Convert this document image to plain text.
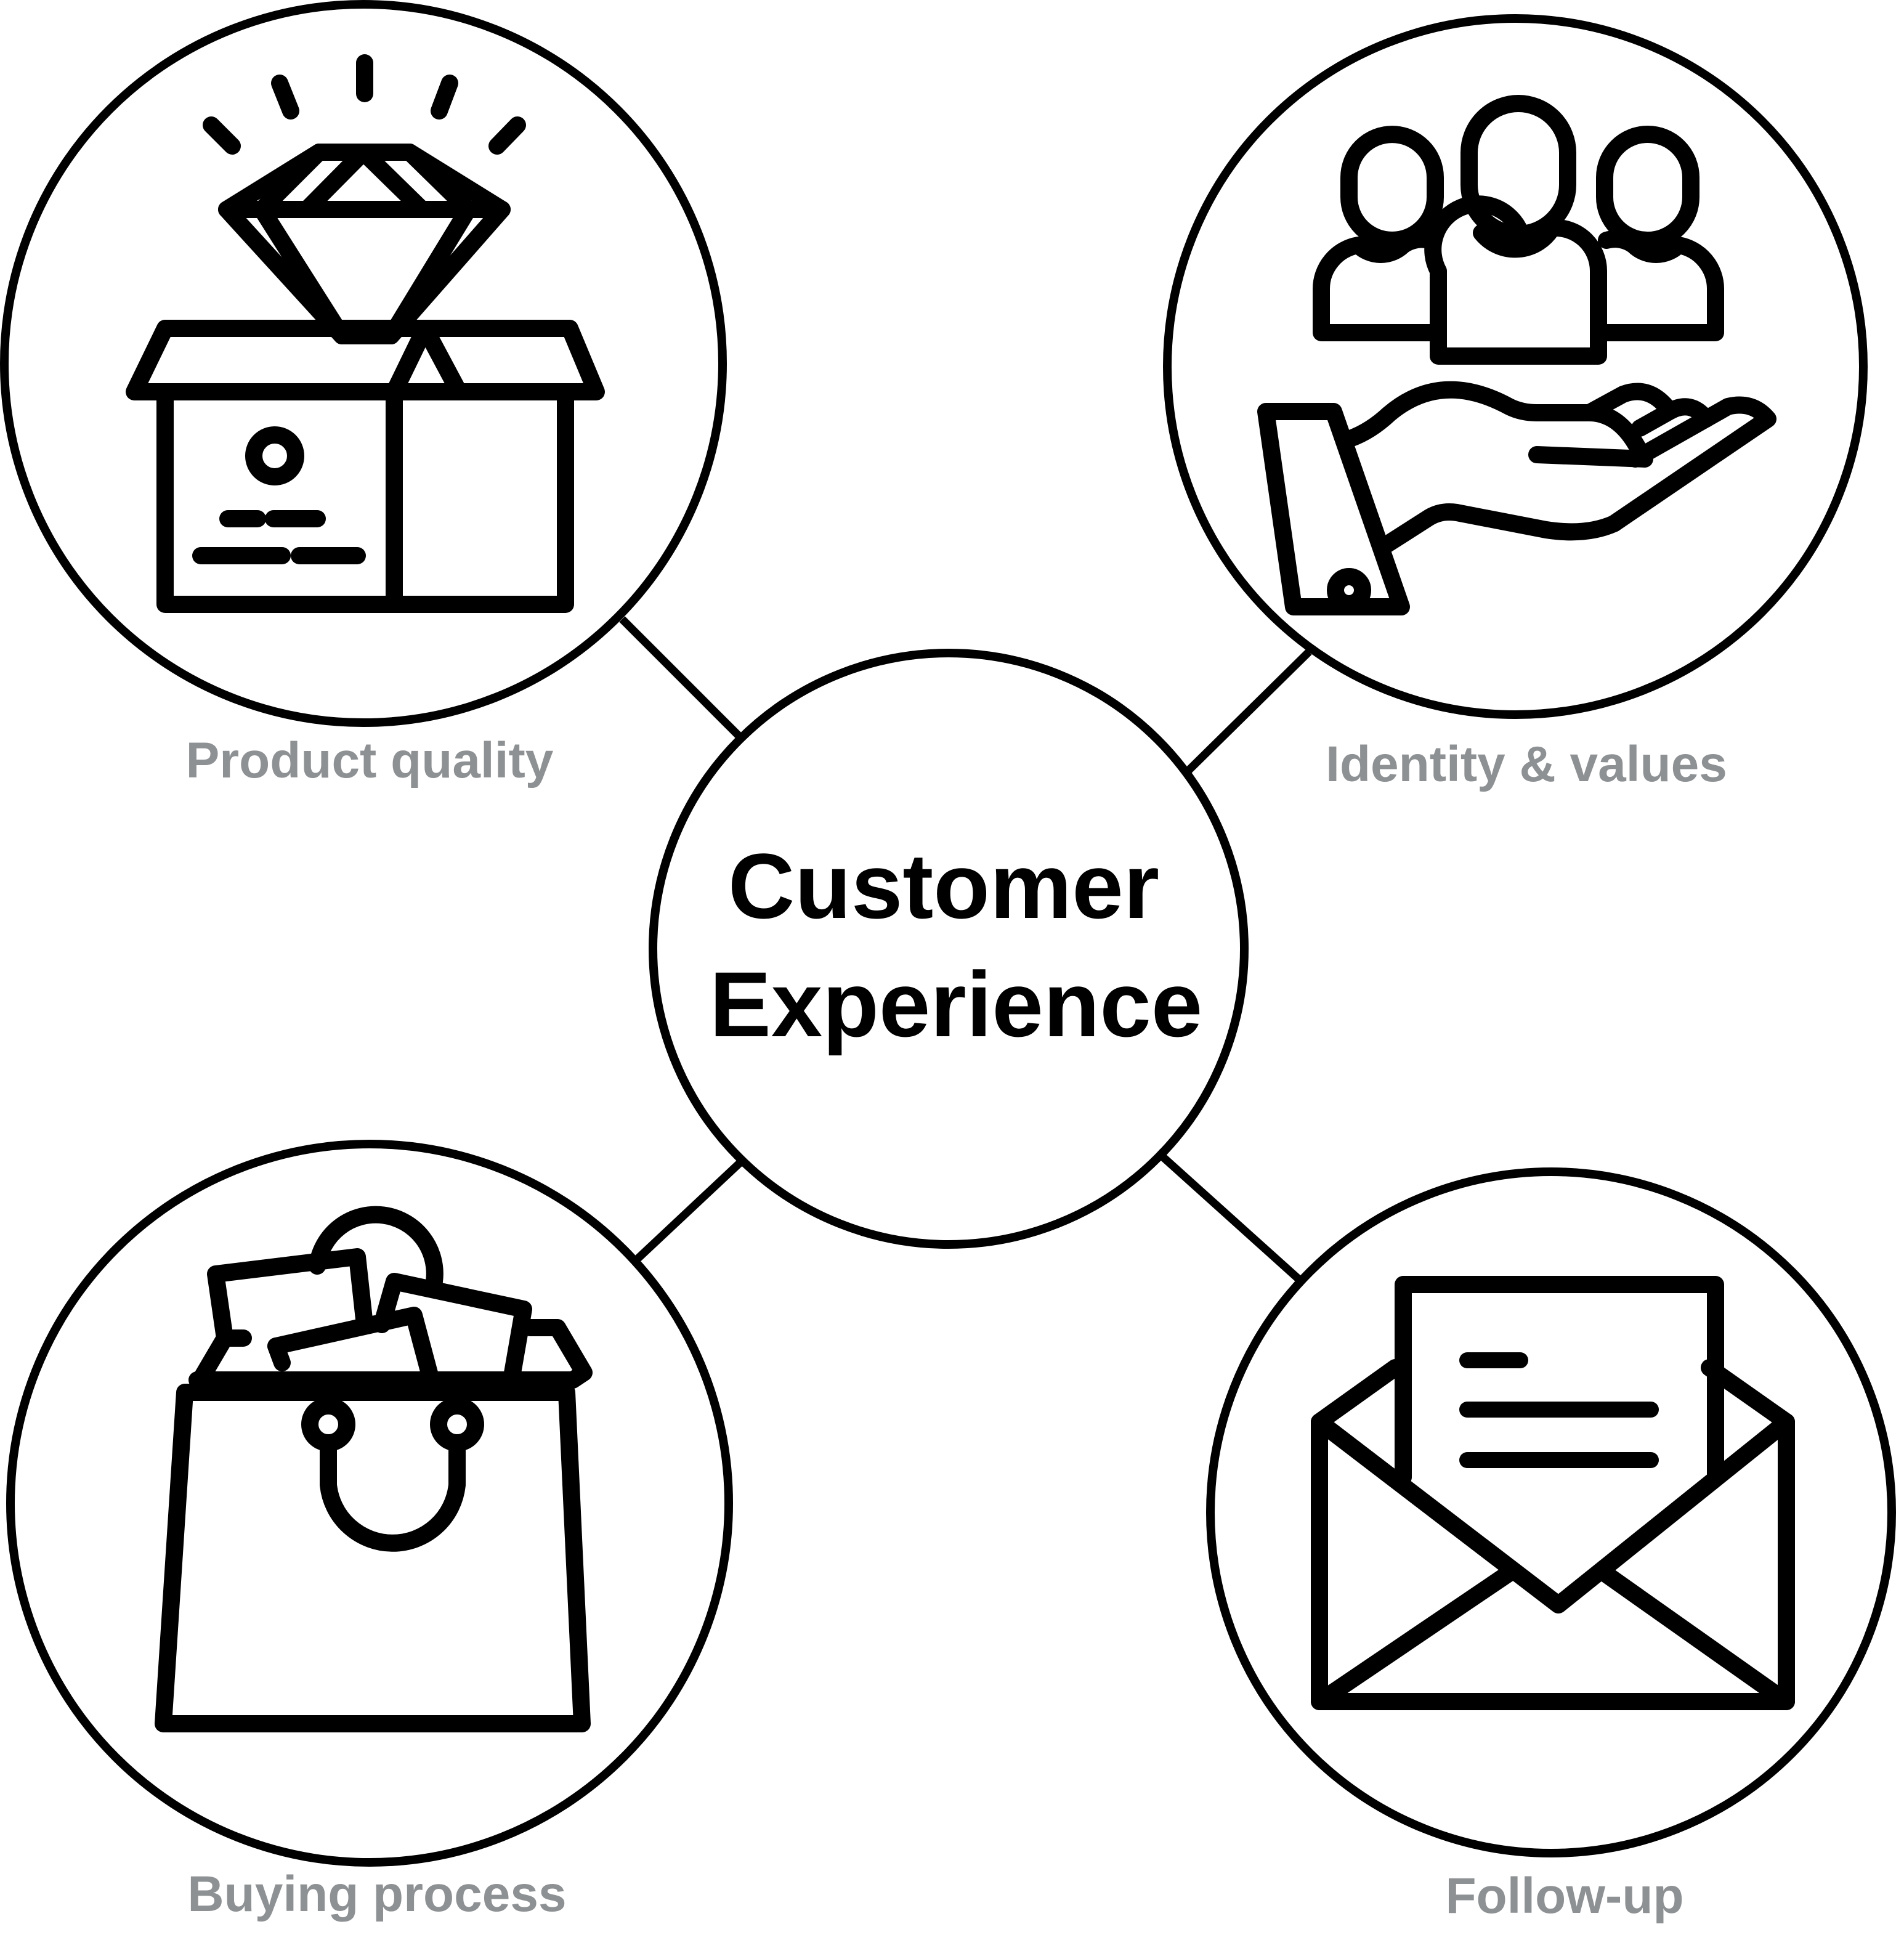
Customer
Experience
Product quality	Identity & values
Buying process	Follow-up
